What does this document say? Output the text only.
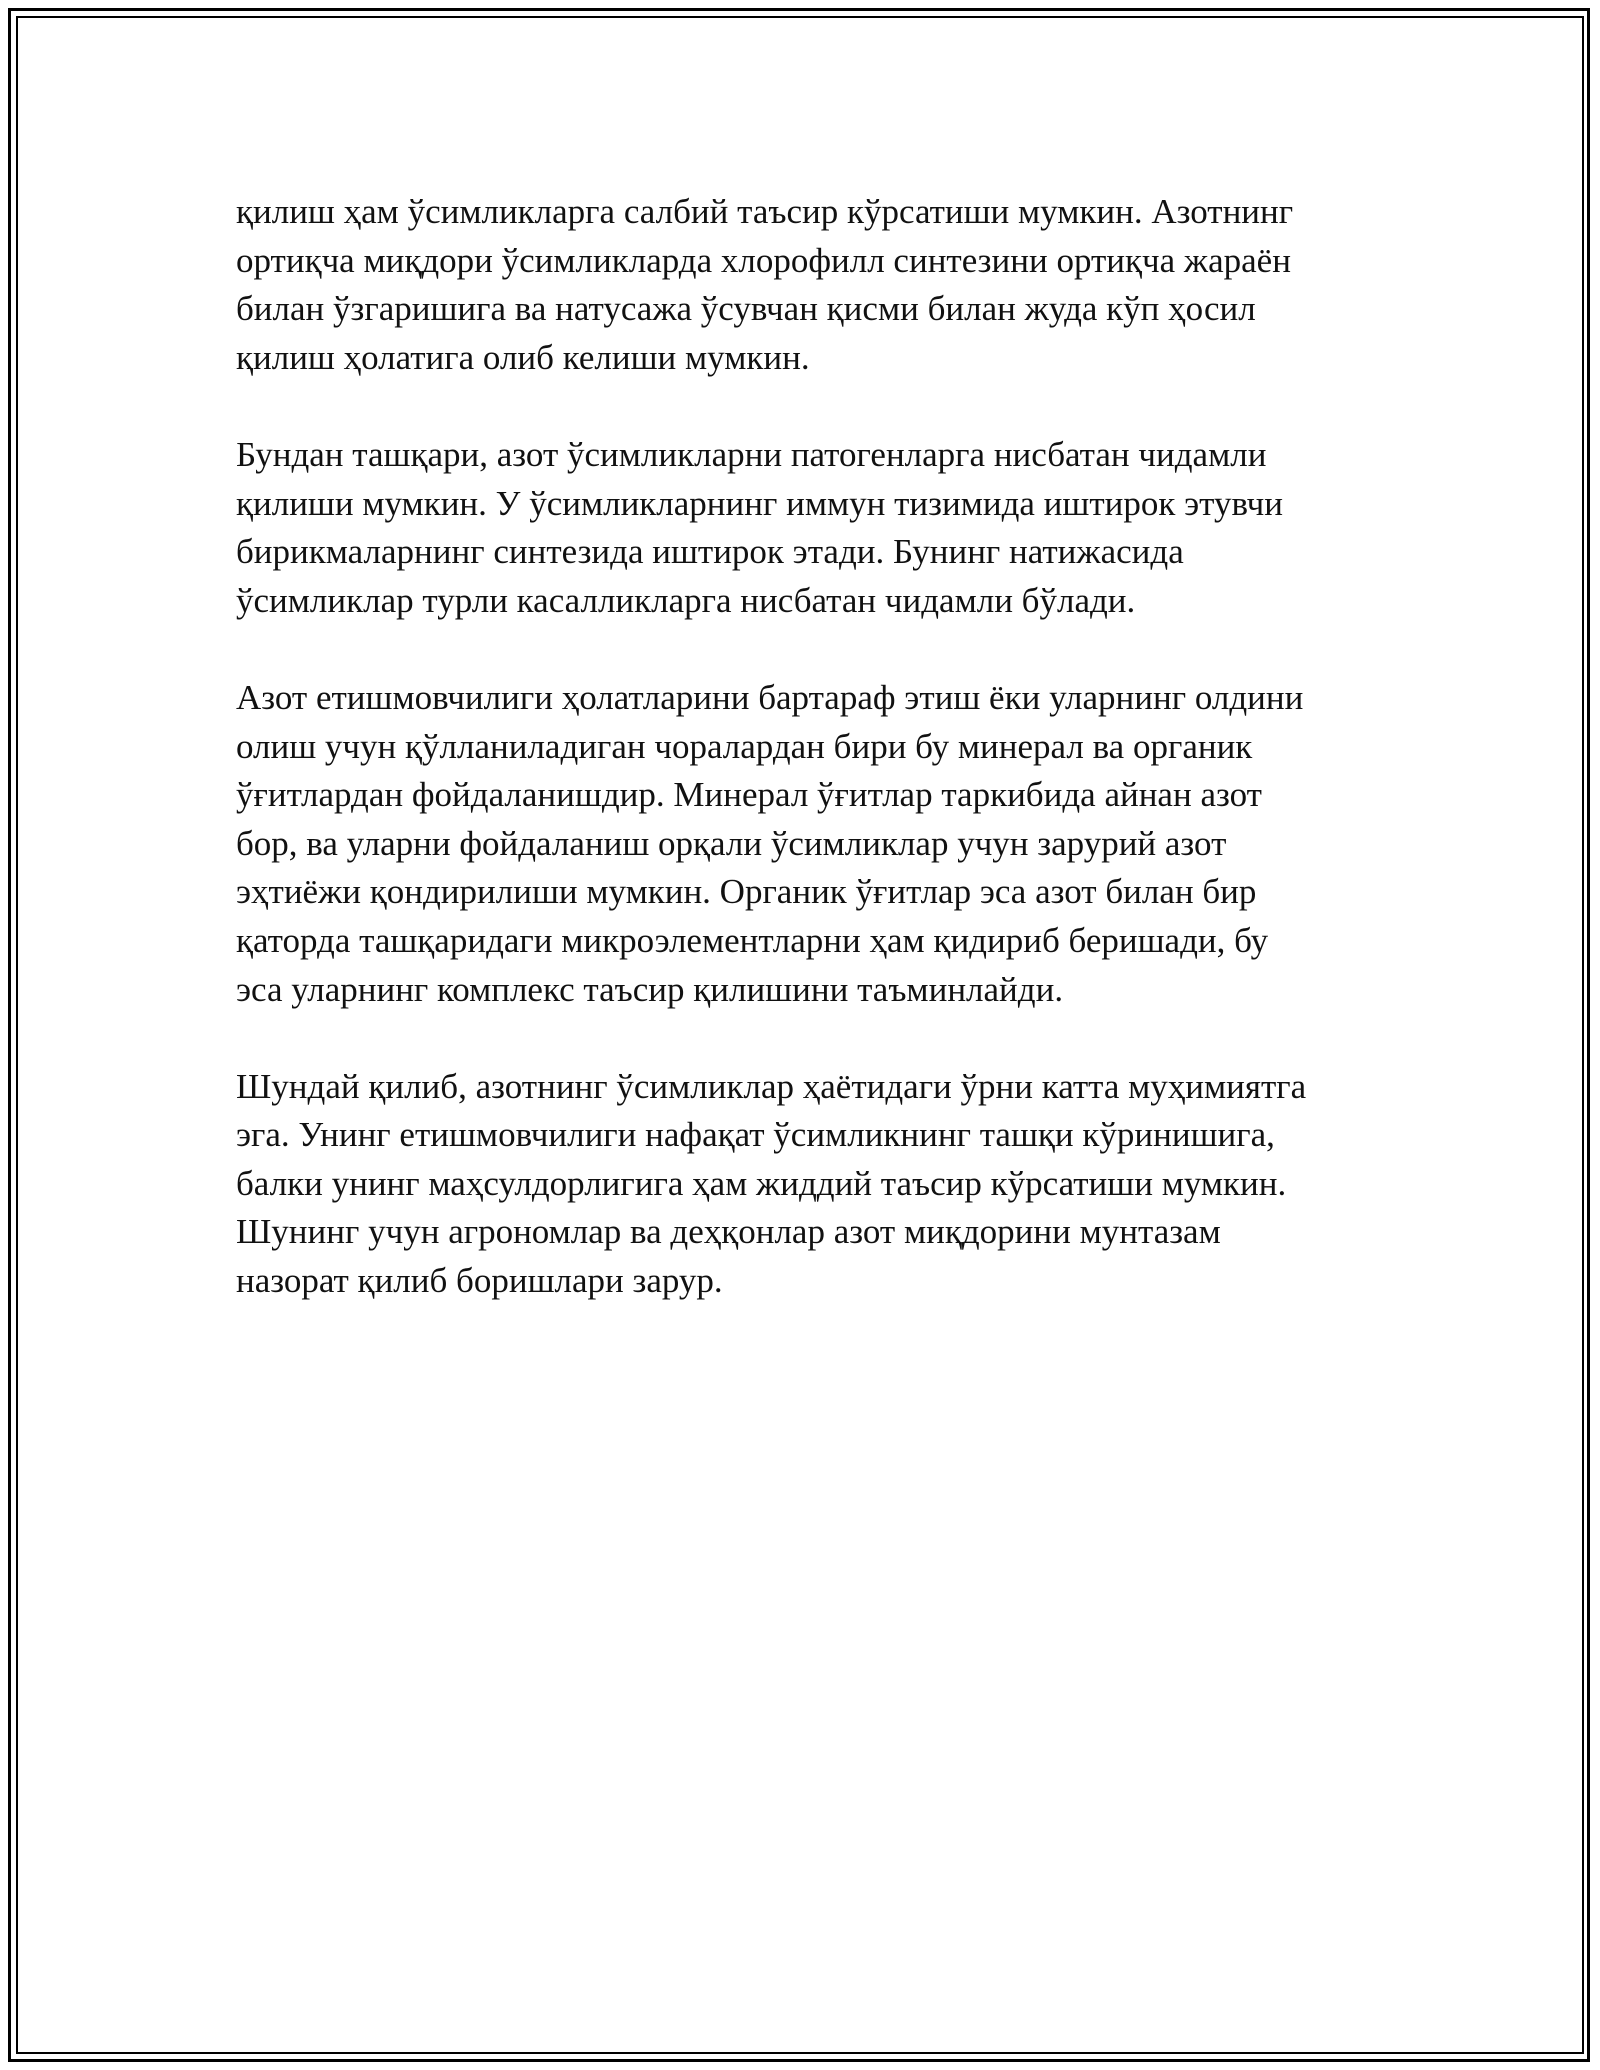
қилиш ҳам ўсимликларга салбий таъсир кўрсатиши мумкин. Азотнинг
ортиқча миқдори ўсимликларда хлорофилл синтезини ортиқча жараён
билан ўзгаришига ва натусажа ўсувчан қисми билан жуда кўп ҳосил
қилиш ҳолатига олиб келиши мумкин.

Бундан ташқари, азот ўсимликларни патогенларга нисбатан чидамли
қилиши мумкин. У ўсимликларнинг иммун тизимида иштирок этувчи
бирикмаларнинг синтезида иштирок этади. Бунинг натижасида
ўсимликлар турли касалликларга нисбатан чидамли бўлади.

Азот етишмовчилиги ҳолатларини бартараф этиш ёки уларнинг олдини
олиш учун қўлланиладиган чоралардан бири бу минерал ва органик
ўғитлардан фойдаланишдир. Минерал ўғитлар таркибида айнан азот
бор, ва уларни фойдаланиш орқали ўсимликлар учун зарурий азот
эҳтиёжи қондирилиши мумкин. Органик ўғитлар эса азот билан бир
қаторда ташқаридаги микроэлементларни ҳам қидириб беришади, бу
эса уларнинг комплекс таъсир қилишини таъминлайди.

Шундай қилиб, азотнинг ўсимликлар ҳаётидаги ўрни катта муҳимиятга
эга. Унинг етишмовчилиги нафақат ўсимликнинг ташқи кўринишига,
балки унинг маҳсулдорлигига ҳам жиддий таъсир кўрсатиши мумкин.
Шунинг учун агрономлар ва деҳқонлар азот миқдорини мунтазам
назорат қилиб боришлари зарур.
